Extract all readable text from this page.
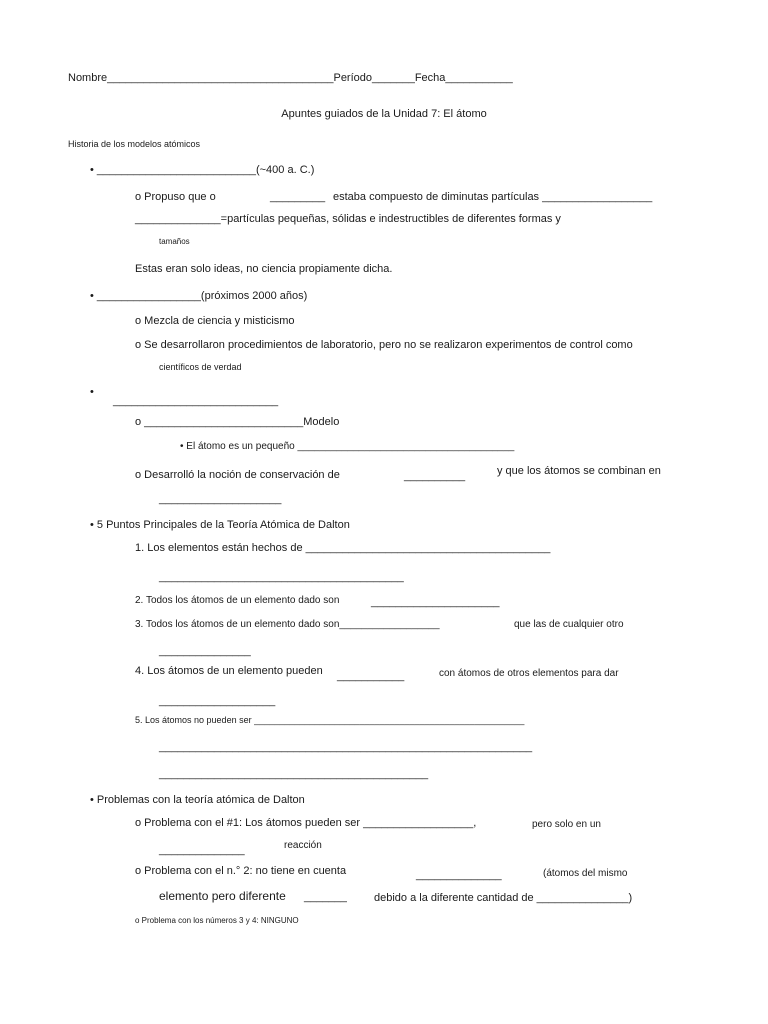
Nombre_____________________________________Período_______Fecha___________
Apuntes guiados de la Unidad 7: El átomo
Historia de los modelos atómicos
• __________________________(~400 a. C.)
o Propuso que o	_________ estaba compuesto de diminutas partículas __________________
______________=partículas pequeñas, sólidas e indestructibles de diferentes formas y
tamaños
Estas eran solo ideas, no ciencia propiamente dicha.
• _________________(próximos 2000 años)
o Mezcla de ciencia y misticismo
o Se desarrollaron procedimientos de laboratorio, pero no se realizaron experimentos de control como
científicos de verdad
•
___________________________
o __________________________Modelo
• El átomo es un pequeño _______________________________________
o Desarrolló la noción de conservación de	__________	y que los átomos se combinan en
____________________
• 5 Puntos Principales de la Teoría Atómica de Dalton
1. Los elementos están hechos de ________________________________________
________________________________________
2. Todos los átomos de un elemento dado son	_____________________
3. Todos los átomos de un elemento dado son__________________	que las de cualquier otro
_______________
4. Los átomos de un elemento pueden ___________	con átomos de otros elementos para dar
___________________
5. Los átomos no pueden ser ______________________________________________________
_____________________________________________________________
____________________________________________
• Problemas con la teoría atómica de Dalton
o Problema con el #1: Los átomos pueden ser __________________,	pero solo en un
______________	reacción
o Problema con el n.° 2: no tiene en cuenta	______________	(átomos del mismo
elemento pero diferente _______ debido a la diferente cantidad de _______________)
o Problema con los números 3 y 4: NINGUNO
